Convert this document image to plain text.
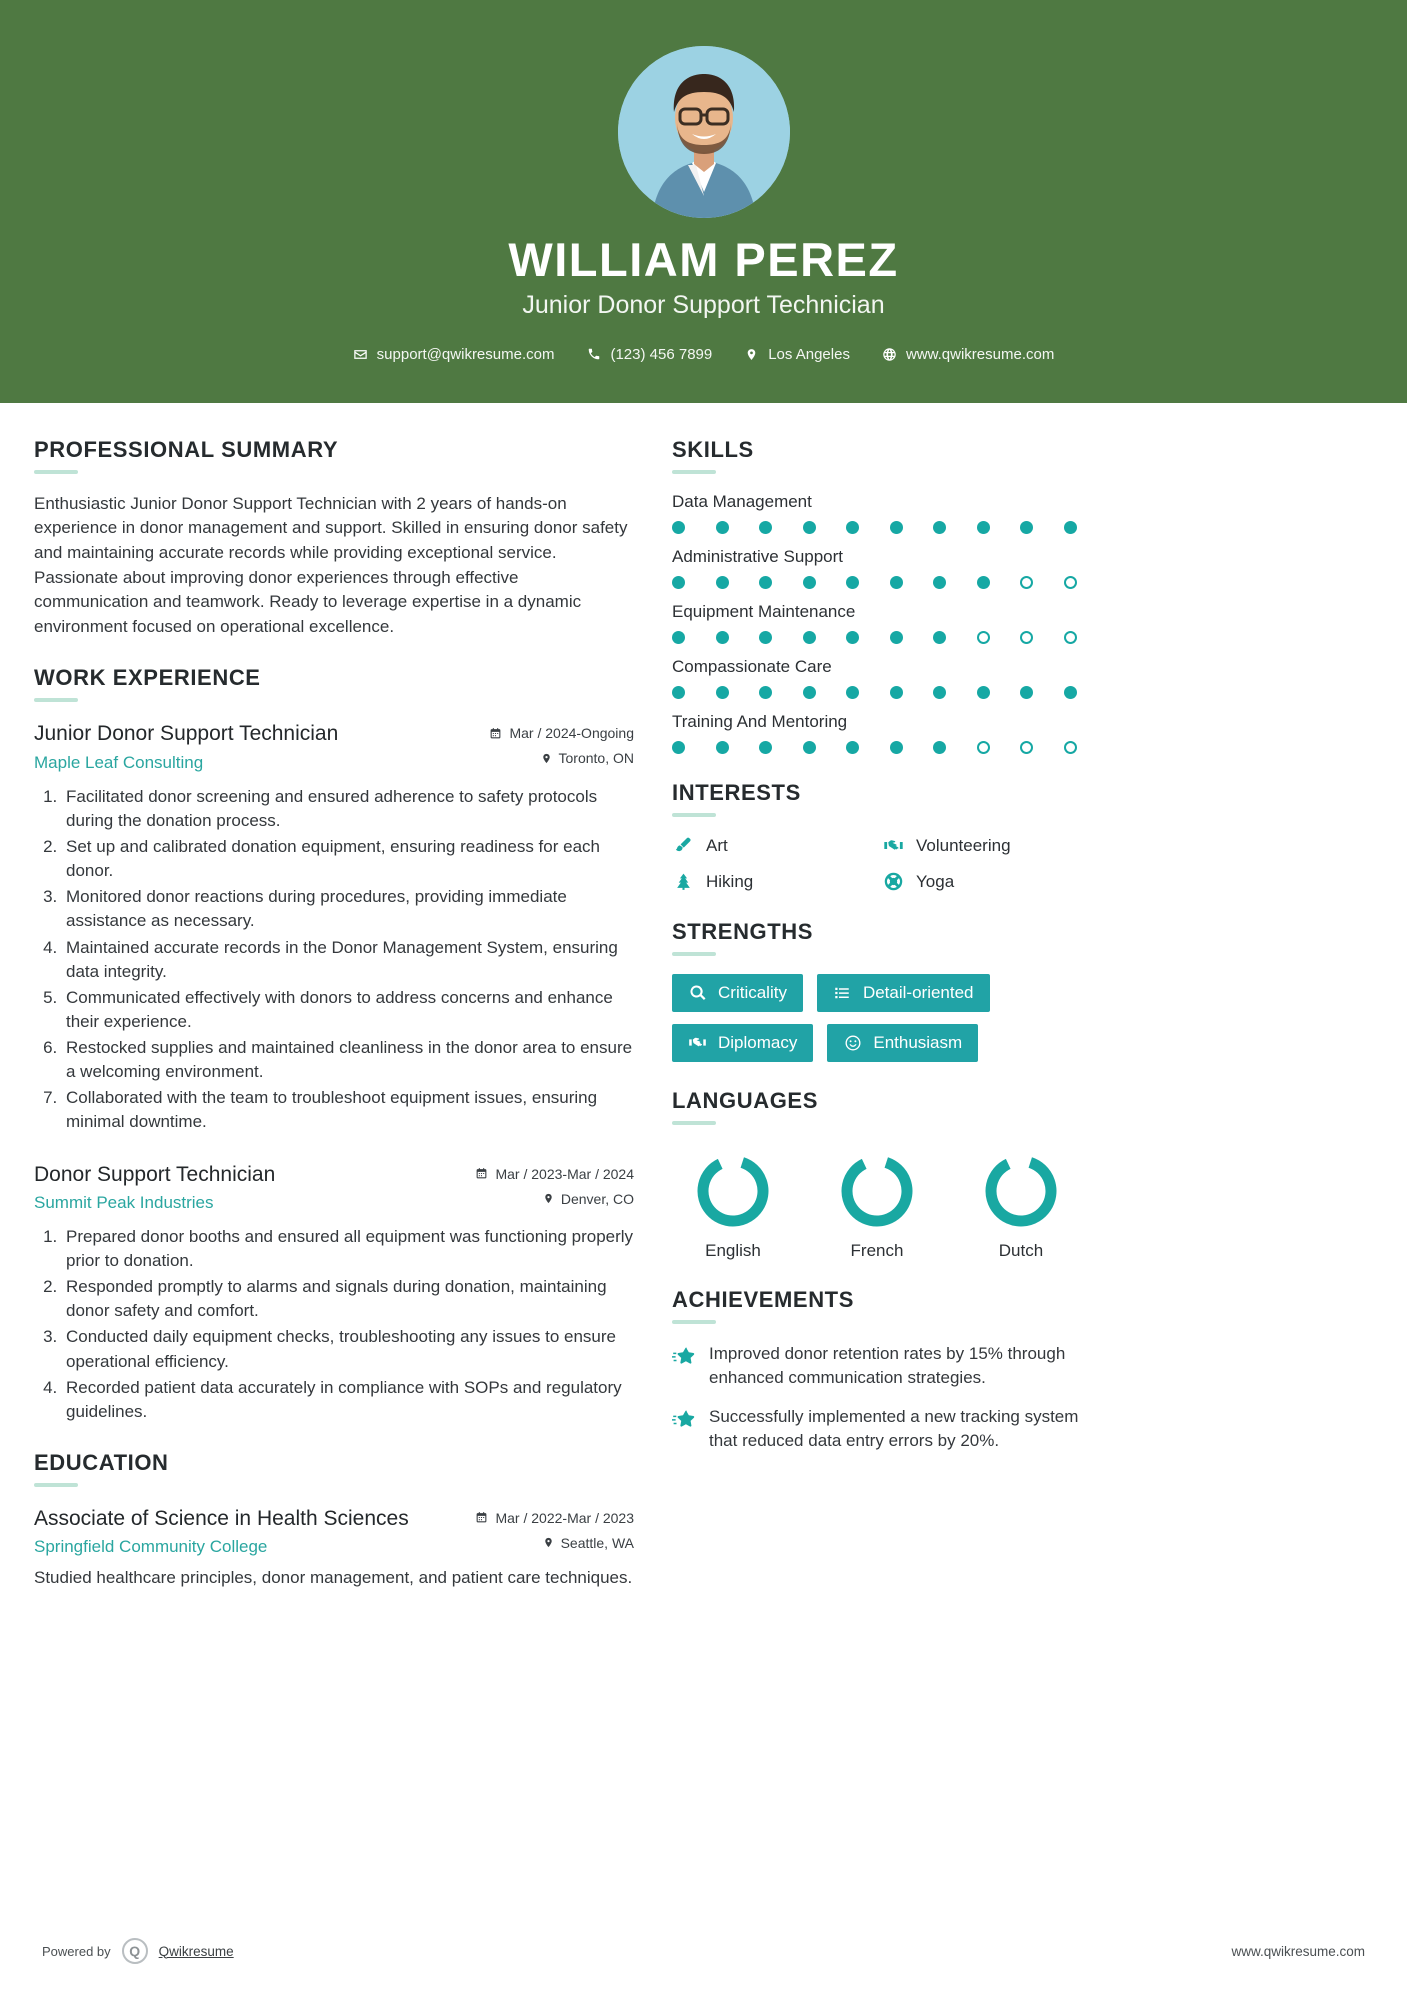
WILLIAM PEREZ
Junior Donor Support Technician
support@qwikresume.com	(123) 456 7899	Los Angeles	www.qwikresume.com
PROFESSIONAL SUMMARY
Enthusiastic Junior Donor Support Technician with 2 years of hands-on experience in donor management and support. Skilled in ensuring donor safety and maintaining accurate records while providing exceptional service. Passionate about improving donor experiences through effective communication and teamwork. Ready to leverage expertise in a dynamic environment focused on operational excellence.
WORK EXPERIENCE
Junior Donor Support Technician
Maple Leaf Consulting
Mar / 2024-Ongoing
Toronto, ON
1. Facilitated donor screening and ensured adherence to safety protocols during the donation process.
2. Set up and calibrated donation equipment, ensuring readiness for each donor.
3. Monitored donor reactions during procedures, providing immediate assistance as necessary.
4. Maintained accurate records in the Donor Management System, ensuring data integrity.
5. Communicated effectively with donors to address concerns and enhance their experience.
6. Restocked supplies and maintained cleanliness in the donor area to ensure a welcoming environment.
7. Collaborated with the team to troubleshoot equipment issues, ensuring minimal downtime.
Donor Support Technician
Summit Peak Industries
Mar / 2023-Mar / 2024
Denver, CO
1. Prepared donor booths and ensured all equipment was functioning properly prior to donation.
2. Responded promptly to alarms and signals during donation, maintaining donor safety and comfort.
3. Conducted daily equipment checks, troubleshooting any issues to ensure operational efficiency.
4. Recorded patient data accurately in compliance with SOPs and regulatory guidelines.
EDUCATION
Associate of Science in Health Sciences
Springfield Community College
Mar / 2022-Mar / 2023
Seattle, WA
Studied healthcare principles, donor management, and patient care techniques.
SKILLS
Data Management
Administrative Support
Equipment Maintenance
Compassionate Care
Training And Mentoring
INTERESTS
Art	Volunteering
Hiking	Yoga
STRENGTHS
Criticality	Detail-oriented
Diplomacy	Enthusiasm
LANGUAGES
English	French	Dutch
ACHIEVEMENTS
Improved donor retention rates by 15% through enhanced communication strategies.
Successfully implemented a new tracking system that reduced data entry errors by 20%.
Powered by Q Qwikresume	www.qwikresume.com
